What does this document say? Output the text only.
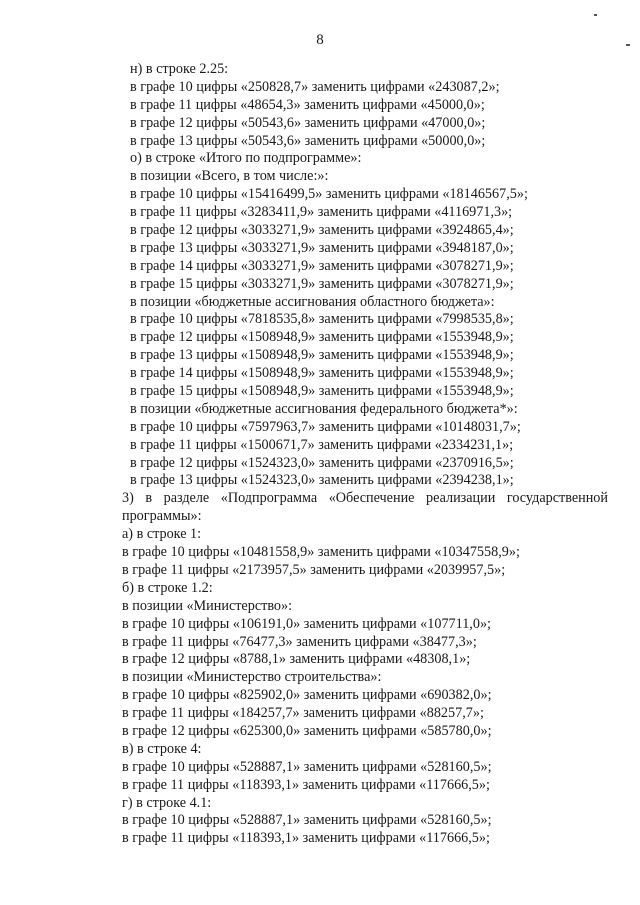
8
н) в строке 2.25:
в графе 10 цифры «250828,7» заменить цифрами «243087,2»;
в графе 11 цифры «48654,3» заменить цифрами «45000,0»;
в графе 12 цифры «50543,6» заменить цифрами «47000,0»;
в графе 13 цифры «50543,6» заменить цифрами «50000,0»;
о) в строке «Итого по подпрограмме»:
в позиции «Всего, в том числе:»:
в графе 10 цифры «15416499,5» заменить цифрами «18146567,5»;
в графе 11 цифры «3283411,9» заменить цифрами «4116971,3»;
в графе 12 цифры «3033271,9» заменить цифрами «3924865,4»;
в графе 13 цифры «3033271,9» заменить цифрами «3948187,0»;
в графе 14 цифры «3033271,9» заменить цифрами «3078271,9»;
в графе 15 цифры «3033271,9» заменить цифрами «3078271,9»;
в позиции «бюджетные ассигнования областного бюджета»:
в графе 10 цифры «7818535,8» заменить цифрами «7998535,8»;
в графе 12 цифры «1508948,9» заменить цифрами «1553948,9»;
в графе 13 цифры «1508948,9» заменить цифрами «1553948,9»;
в графе 14 цифры «1508948,9» заменить цифрами «1553948,9»;
в графе 15 цифры «1508948,9» заменить цифрами «1553948,9»;
в позиции «бюджетные ассигнования федерального бюджета*»:
в графе 10 цифры «7597963,7» заменить цифрами «10148031,7»;
в графе 11 цифры «1500671,7» заменить цифрами «2334231,1»;
в графе 12 цифры «1524323,0» заменить цифрами «2370916,5»;
в графе 13 цифры «1524323,0» заменить цифрами «2394238,1»;
3) в разделе «Подпрограмма «Обеспечение реализации государственной программы»:
а) в строке 1:
в графе 10 цифры «10481558,9» заменить цифрами «10347558,9»;
в графе 11 цифры «2173957,5» заменить цифрами «2039957,5»;
б) в строке 1.2:
в позиции «Министерство»:
в графе 10 цифры «106191,0» заменить цифрами «107711,0»;
в графе 11 цифры «76477,3» заменить цифрами «38477,3»;
в графе 12 цифры «8788,1» заменить цифрами «48308,1»;
в позиции «Министерство строительства»:
в графе 10 цифры «825902,0» заменить цифрами «690382,0»;
в графе 11 цифры «184257,7» заменить цифрами «88257,7»;
в графе 12 цифры «625300,0» заменить цифрами «585780,0»;
в) в строке 4:
в графе 10 цифры «528887,1» заменить цифрами «528160,5»;
в графе 11 цифры «118393,1» заменить цифрами «117666,5»;
г) в строке 4.1:
в графе 10 цифры «528887,1» заменить цифрами «528160,5»;
в графе 11 цифры «118393,1» заменить цифрами «117666,5»;
